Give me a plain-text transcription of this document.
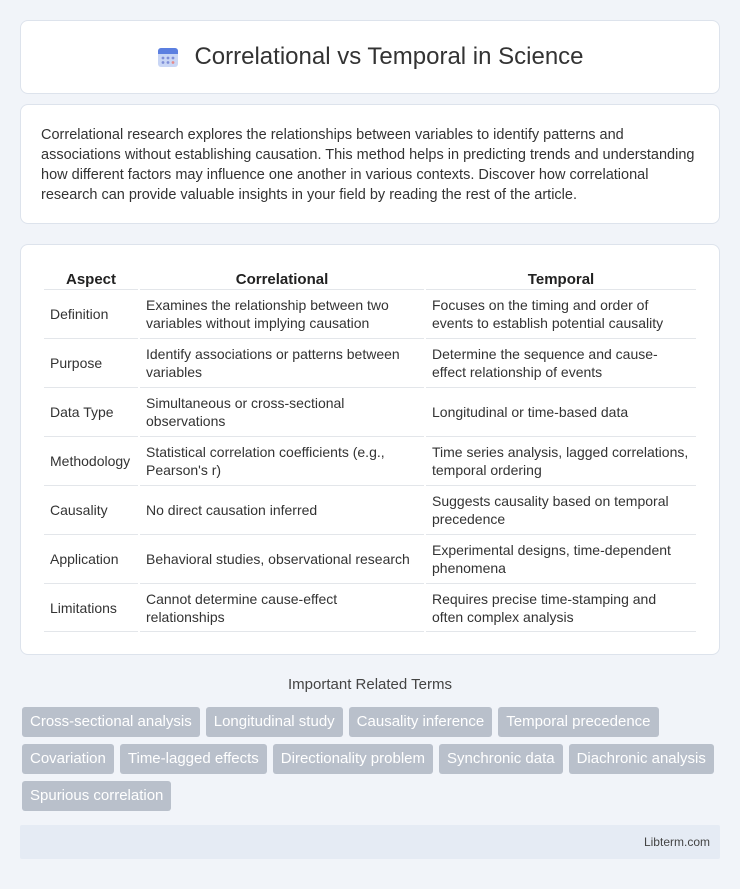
Correlational vs Temporal in Science

Correlational research explores the relationships between variables to identify patterns and associations without establishing causation. This method helps in predicting trends and understanding how different factors may influence one another in various contexts. Discover how correlational research can provide valuable insights in your field by reading the rest of the article.

Aspect	Correlational	Temporal
Definition	Examines the relationship between two variables without implying causation	Focuses on the timing and order of events to establish potential causality
Purpose	Identify associations or patterns between variables	Determine the sequence and cause-effect relationship of events
Data Type	Simultaneous or cross-sectional observations	Longitudinal or time-based data
Methodology	Statistical correlation coefficients (e.g., Pearson's r)	Time series analysis, lagged correlations, temporal ordering
Causality	No direct causation inferred	Suggests causality based on temporal precedence
Application	Behavioral studies, observational research	Experimental designs, time-dependent phenomena
Limitations	Cannot determine cause-effect relationships	Requires precise time-stamping and often complex analysis
Important Related Terms
Cross-sectional analysis	Longitudinal study	Causality inference	Temporal precedence
Covariation	Time-lagged effects	Directionality problem	Synchronic data	Diachronic analysis
Spurious correlation
Libterm.com
